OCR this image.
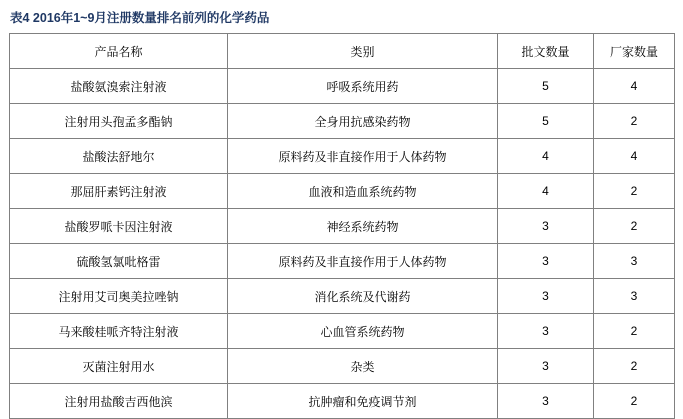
表4 2016年1~9月注册数量排名前列的化学药品
产品名称	类别	批文数量	厂家数量
盐酸氨溴索注射液	呼吸系统用药	5	4
注射用头孢孟多酯钠	全身用抗感染药物	5	2
盐酸法舒地尔	原料药及非直接作用于人体药物	4	4
那屈肝素钙注射液	血液和造血系统药物	4	2
盐酸罗哌卡因注射液	神经系统药物	3	2
硫酸氢氯吡格雷	原料药及非直接作用于人体药物	3	3
注射用艾司奥美拉唑钠	消化系统及代谢药	3	3
马来酸桂哌齐特注射液	心血管系统药物	3	2
灭菌注射用水	杂类	3	2
注射用盐酸吉西他滨	抗肿瘤和免疫调节剂	3	2
